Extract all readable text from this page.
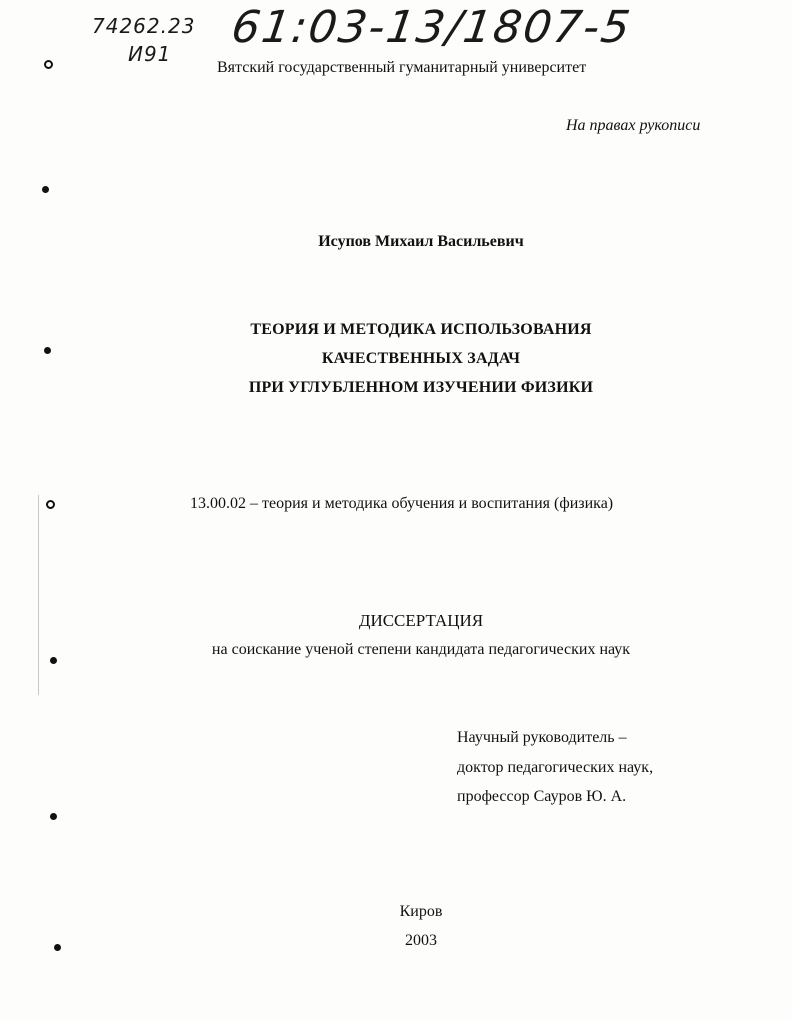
74262.23
И91
61:03-13/1807-5
Вятский государственный гуманитарный университет
На правах рукописи
Исупов Михаил Васильевич
ТЕОРИЯ И МЕТОДИКА ИСПОЛЬЗОВАНИЯ
КАЧЕСТВЕННЫХ ЗАДАЧ
ПРИ УГЛУБЛЕННОМ ИЗУЧЕНИИ ФИЗИКИ
13.00.02 – теория и методика обучения и воспитания (физика)
ДИССЕРТАЦИЯ
на соискание ученой степени кандидата педагогических наук
Научный руководитель –
доктор педагогических наук,
профессор Сауров Ю. А.
Киров
2003
